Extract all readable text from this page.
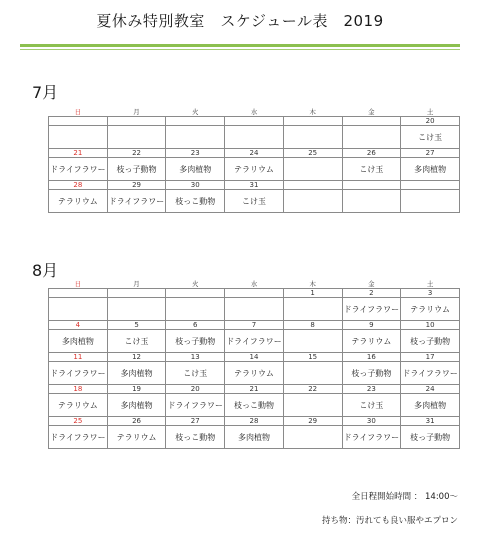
夏休み特別教室　スケジュール表　2019
7月
日	月	火	水	木	金	土
						20
						こけ玉
21	22	23	24	25	26	27
ドライフラワー	枝っ子動物	多肉植物	テラリウム		こけ玉	多肉植物
28	29	30	31			
テラリウム	ドライフラワー	枝っこ動物	こけ玉			
8月
日	月	火	水	木	金	土
				1	2	3
					ドライフラワー	テラリウム
4	5	6	7	8	9	10
多肉植物	こけ玉	枝っ子動物	ドライフラワー		テラリウム	枝っ子動物
11	12	13	14	15	16	17
ドライフラワー	多肉植物	こけ玉	テラリウム		枝っ子動物	ドライフラワー
18	19	20	21	22	23	24
テラリウム	多肉植物	ドライフラワー	枝っこ動物		こけ玉	多肉植物
25	26	27	28	29	30	31
ドライフラワー	テラリウム	枝っこ動物	多肉植物		ドライフラワー	枝っ子動物
全日程開始時間 ： 14:00～
持ち物：汚れても良い服やエプロン
